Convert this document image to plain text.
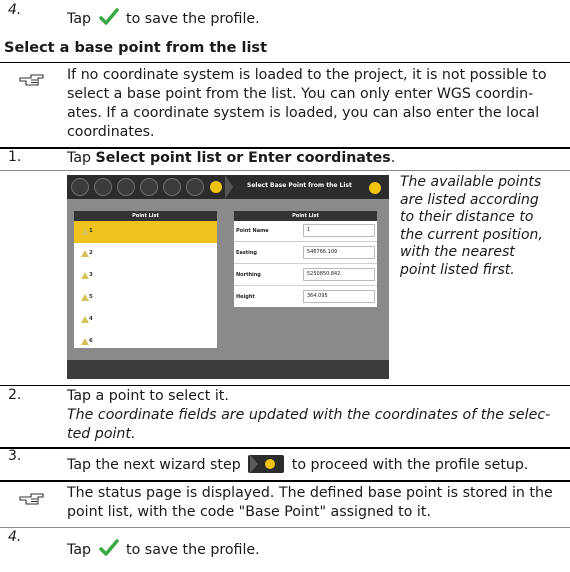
4.
Tap to save the profile.
Select a base point from the list
If no coordinate system is loaded to the project, it is not possible to
select a base point from the list. You can only enter WGS coordin-
ates. If a coordinate system is loaded, you can also enter the local
coordinates.
1.	Tap Select point list or Enter coordinates.
Select Base Point from the List
Point List
1
2
3
5
4
6
Point List
Point Name	1
Easting	546766.109
Northing	5250850.842
Height	364.095
The available points
are listed according
to their distance to
the current position,
with the nearest
point listed first.
2.	Tap a point to select it.
The coordinate fields are updated with the coordinates of the selec-
ted point.
3.
Tap the next wizard step	to proceed with the profile setup.
The status page is displayed. The defined base point is stored in the
point list, with the code "Base Point" assigned to it.
4.
Tap to save the profile.
